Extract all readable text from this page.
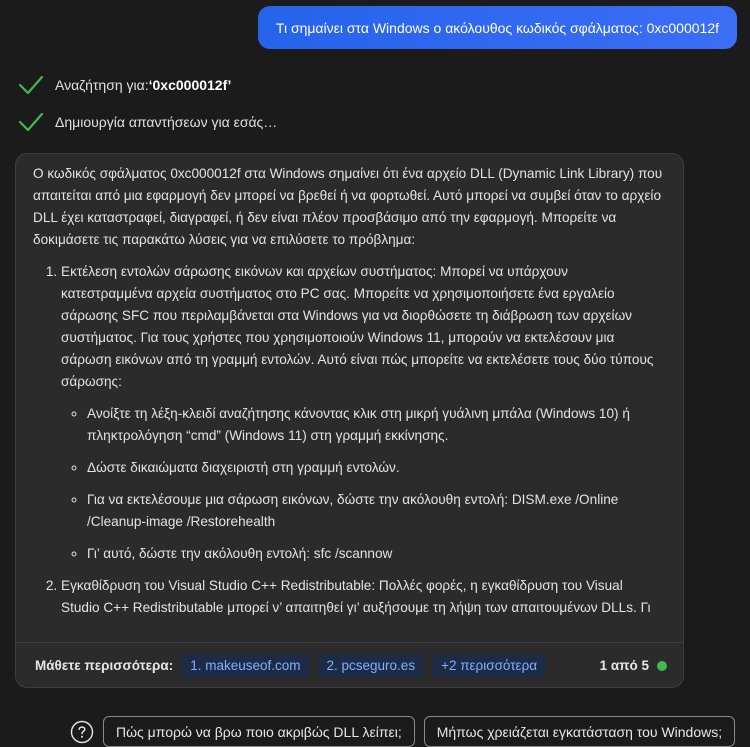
Τι σημαίνει στα Windows ο ακόλουθος κωδικός σφάλματος: 0xc000012f
Αναζήτηση για: ‘0xc000012f’
Δημιουργία απαντήσεων για εσάς…

Ο κωδικός σφάλματος 0xc000012f στα Windows σημαίνει ότι ένα αρχείο DLL (Dynamic Link Library) που απαιτείται από μια εφαρμογή δεν μπορεί να βρεθεί ή να φορτωθεί. Αυτό μπορεί να συμβεί όταν το αρχείο DLL έχει καταστραφεί, διαγραφεί, ή δεν είναι πλέον προσβάσιμο από την εφαρμογή. Μπορείτε να δοκιμάσετε τις παρακάτω λύσεις για να επιλύσετε το πρόβλημα:

1. Εκτέλεση εντολών σάρωσης εικόνων και αρχείων συστήματος: Μπορεί να υπάρχουν κατεστραμμένα αρχεία συστήματος στο PC σας. Μπορείτε να χρησιμοποιήσετε ένα εργαλείο σάρωσης SFC που περιλαμβάνεται στα Windows για να διορθώσετε τη διάβρωση των αρχείων συστήματος. Για τους χρήστες που χρησιμοποιούν Windows 11, μπορούν να εκτελέσουν μια σάρωση εικόνων από τη γραμμή εντολών. Αυτό είναι πώς μπορείτε να εκτελέσετε τους δύο τύπους σάρωσης:
◦ Ανοίξτε τη λέξη-κλειδί αναζήτησης κάνοντας κλικ στη μικρή γυάλινη μπάλα (Windows 10) ή πληκτρολόγηση “cmd” (Windows 11) στη γραμμή εκκίνησης.
◦ Δώστε δικαιώματα διαχειριστή στη γραμμή εντολών.
◦ Για να εκτελέσουμε μια σάρωση εικόνων, δώστε την ακόλουθη εντολή: DISM.exe /Online /Cleanup-image /Restorehealth
◦ Γι’ αυτό, δώστε την ακόλουθη εντολή: sfc /scannow
2. Εγκαθίδρυση του Visual Studio C++ Redistributable: Πολλές φορές, η εγκαθίδρυση του Visual Studio C++ Redistributable μπορεί ν’ απαιτηθεί γι’ αυξήσουμε τη λήψη των απαιτουμένων DLLs. Γι
Μάθετε περισσότερα:	1. makeuseof.com	2. pcseguro.es	+2 περισσότερα	1 από 5
Πώς μπορώ να βρω ποιο ακριβώς DLL λείπει;	Μήπως χρειάζεται εγκατάσταση του Windows;
